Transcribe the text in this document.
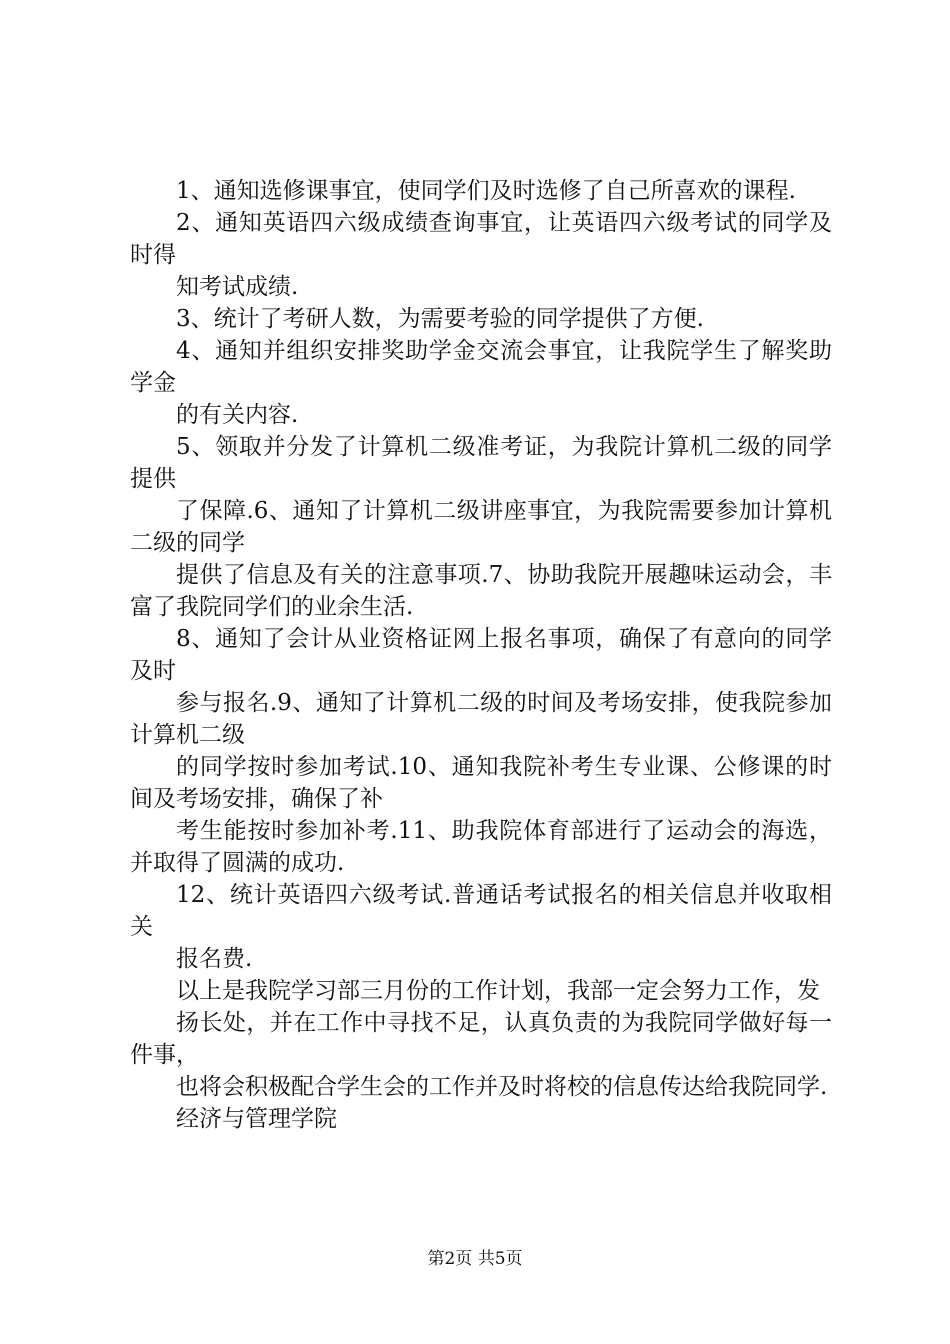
1、通知选修课事宜，使同学们及时选修了自己所喜欢的课程.

2、通知英语四六级成绩查询事宜，让英语四六级考试的同学及时得

知考试成绩.

3、统计了考研人数，为需要考验的同学提供了方便.

4、通知并组织安排奖助学金交流会事宜，让我院学生了解奖助学金

的有关内容.

5、领取并分发了计算机二级准考证，为我院计算机二级的同学提供

了保障.6、通知了计算机二级讲座事宜，为我院需要参加计算机二级的同学

提供了信息及有关的注意事项.7、协助我院开展趣味运动会，丰富了我院同学们的业余生活.

8、通知了会计从业资格证网上报名事项，确保了有意向的同学及时

参与报名.9、通知了计算机二级的时间及考场安排，使我院参加计算机二级

的同学按时参加考试.10、通知我院补考生专业课、公修课的时间及考场安排，确保了补

考生能按时参加补考.11、助我院体育部进行了运动会的海选，并取得了圆满的成功.

12、统计英语四六级考试.普通话考试报名的相关信息并收取相关

报名费.

以上是我院学习部三月份的工作计划，我部一定会努力工作，发

扬长处，并在工作中寻找不足，认真负责的为我院同学做好每一件事，

也将会积极配合学生会的工作并及时将校的信息传达给我院同学.

经济与管理学院

第2页 共5页
